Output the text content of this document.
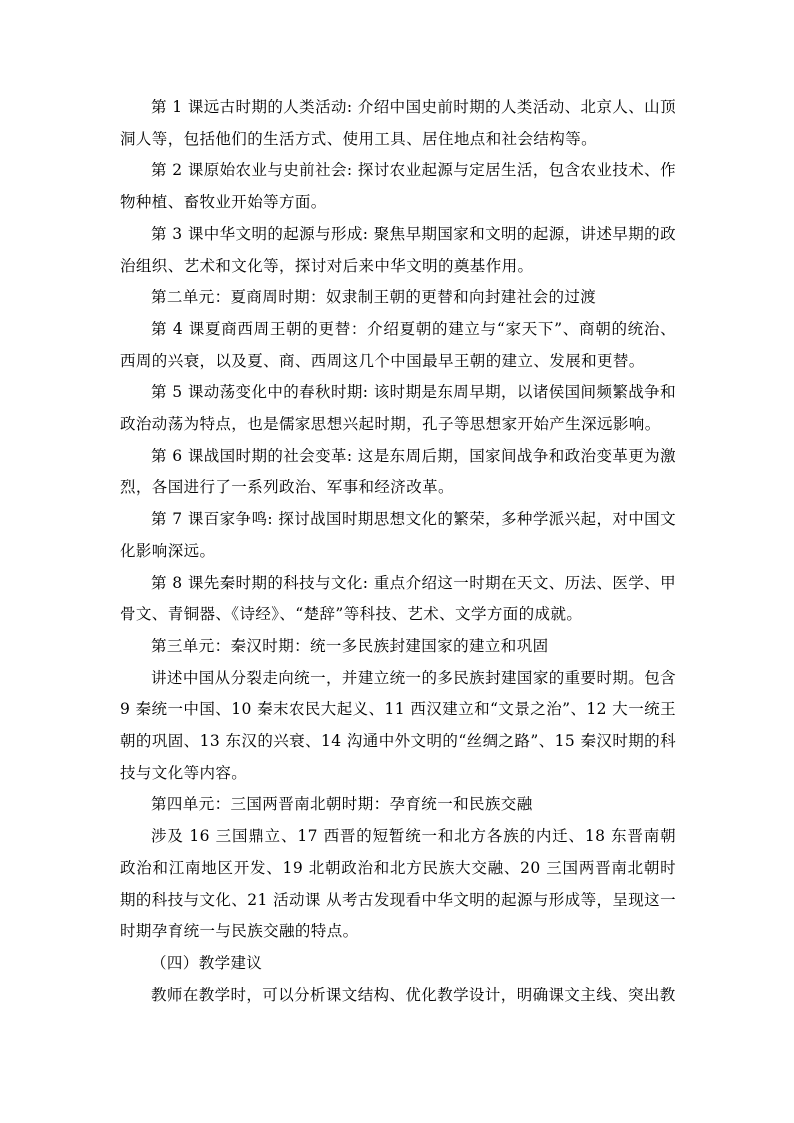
第 1 课远古时期的人类活动: 介绍中国史前时期的人类活动、北京人、山顶洞人等，包括他们的生活方式、使用工具、居住地点和社会结构等。

第 2 课原始农业与史前社会: 探讨农业起源与定居生活，包含农业技术、作物种植、畜牧业开始等方面。

第 3 课中华文明的起源与形成: 聚焦早期国家和文明的起源，讲述早期的政治组织、艺术和文化等，探讨对后来中华文明的奠基作用。

第二单元：夏商周时期：奴隶制王朝的更替和向封建社会的过渡

第 4 课夏商西周王朝的更替：介绍夏朝的建立与“家天下”、商朝的统治、西周的兴衰，以及夏、商、西周这几个中国最早王朝的建立、发展和更替。

第 5 课动荡变化中的春秋时期: 该时期是东周早期，以诸侯国间频繁战争和政治动荡为特点，也是儒家思想兴起时期，孔子等思想家开始产生深远影响。

第 6 课战国时期的社会变革: 这是东周后期，国家间战争和政治变革更为激烈，各国进行了一系列政治、军事和经济改革。

第 7 课百家争鸣: 探讨战国时期思想文化的繁荣，多种学派兴起，对中国文化影响深远。

第 8 课先秦时期的科技与文化: 重点介绍这一时期在天文、历法、医学、甲骨文、青铜器、《诗经》、“楚辞”等科技、艺术、文学方面的成就。

第三单元：秦汉时期：统一多民族封建国家的建立和巩固

讲述中国从分裂走向统一，并建立统一的多民族封建国家的重要时期。包含 9 秦统一中国、10 秦末农民大起义、11 西汉建立和“文景之治”、12 大一统王朝的巩固、13 东汉的兴衰、14 沟通中外文明的“丝绸之路”、15 秦汉时期的科技与文化等内容。

第四单元：三国两晋南北朝时期：孕育统一和民族交融

涉及 16 三国鼎立、17 西晋的短暂统一和北方各族的内迁、18 东晋南朝政治和江南地区开发、19 北朝政治和北方民族大交融、20 三国两晋南北朝时期的科技与文化、21 活动课 从考古发现看中华文明的起源与形成等，呈现这一时期孕育统一与民族交融的特点。

（四）教学建议

教师在教学时，可以分析课文结构、优化教学设计，明确课文主线、突出教
